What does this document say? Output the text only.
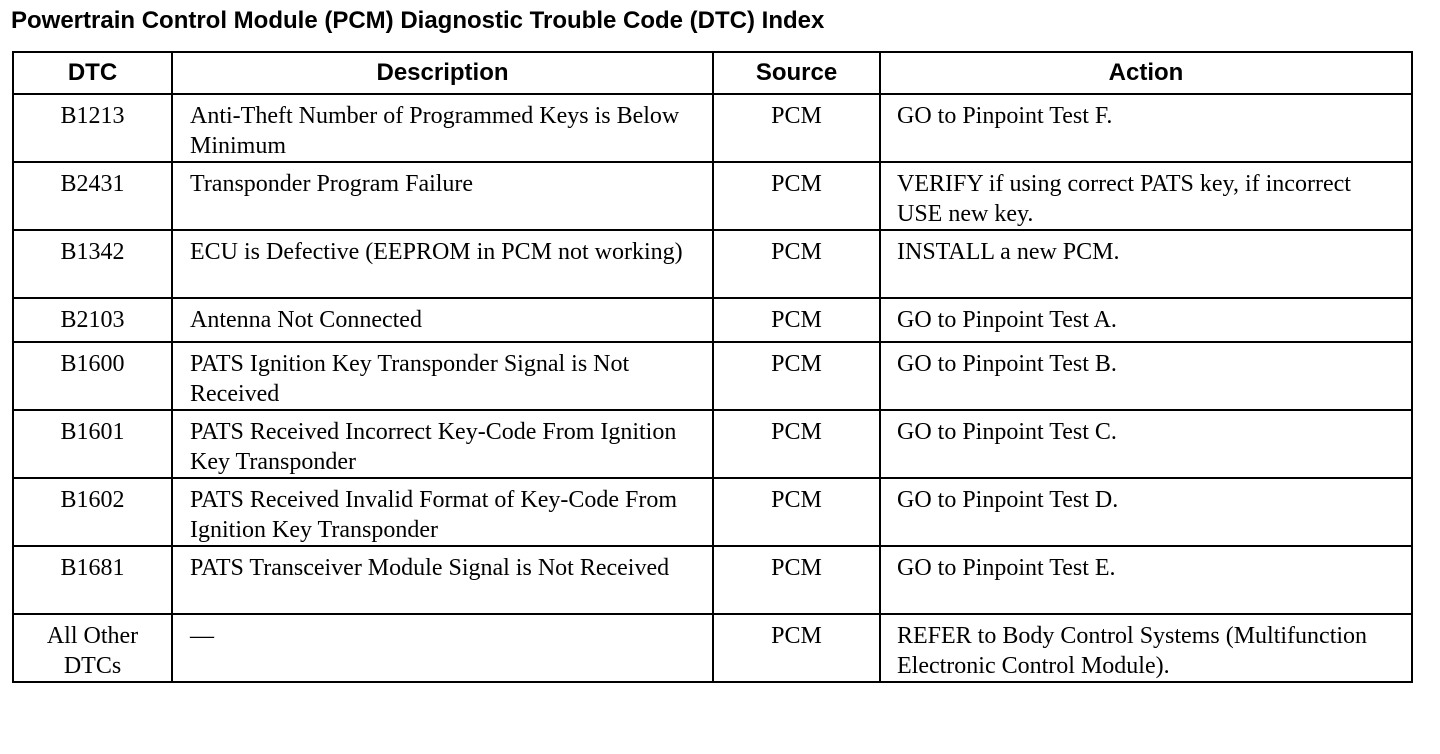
Powertrain Control Module (PCM) Diagnostic Trouble Code (DTC) Index
DTC	Description	Source	Action
B1213	Anti-Theft Number of Programmed Keys is Below Minimum	PCM	GO to Pinpoint Test F.
B2431	Transponder Program Failure	PCM	VERIFY if using correct PATS key, if incorrect USE new key.
B1342	ECU is Defective (EEPROM in PCM not working)	PCM	INSTALL a new PCM.
B2103	Antenna Not Connected	PCM	GO to Pinpoint Test A.
B1600	PATS Ignition Key Transponder Signal is Not Received	PCM	GO to Pinpoint Test B.
B1601	PATS Received Incorrect Key-Code From Ignition Key Transponder	PCM	GO to Pinpoint Test C.
B1602	PATS Received Invalid Format of Key-Code From Ignition Key Transponder	PCM	GO to Pinpoint Test D.
B1681	PATS Transceiver Module Signal is Not Received	PCM	GO to Pinpoint Test E.
All Other DTCs	—	PCM	REFER to Body Control Systems (Multifunction Electronic Control Module).
